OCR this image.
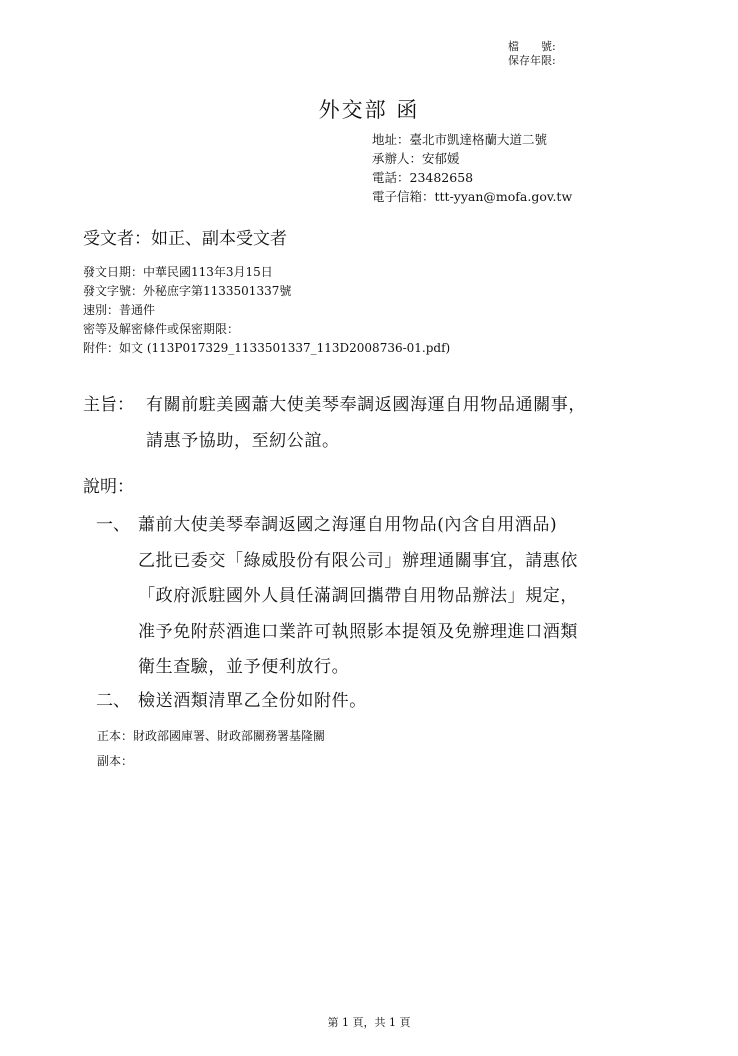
檔　　號:
保存年限:
外交部 函
地址：臺北市凱達格蘭大道二號
承辦人：安郁媛
電話：23482658
電子信箱：ttt-yyan@mofa.gov.tw
受文者：如正、副本受文者
發文日期：中華民國113年3月15日
發文字號：外秘庶字第1133501337號
速別：普通件
密等及解密條件或保密期限：
附件：如文 (113P017329_1133501337_113D2008736-01.pdf)
主旨： 有關前駐美國蕭大使美琴奉調返國海運自用物品通關事，
請惠予協助，至紉公誼。
說明：
一、 蕭前大使美琴奉調返國之海運自用物品(內含自用酒品)
乙批已委交「綠威股份有限公司」辦理通關事宜，請惠依
「政府派駐國外人員任滿調回攜帶自用物品辦法」規定，
准予免附菸酒進口業許可執照影本提領及免辦理進口酒類
衛生查驗，並予便利放行。
二、 檢送酒類清單乙全份如附件。
正本：財政部國庫署、財政部關務署基隆關
副本：
第 1 頁，共 1 頁
